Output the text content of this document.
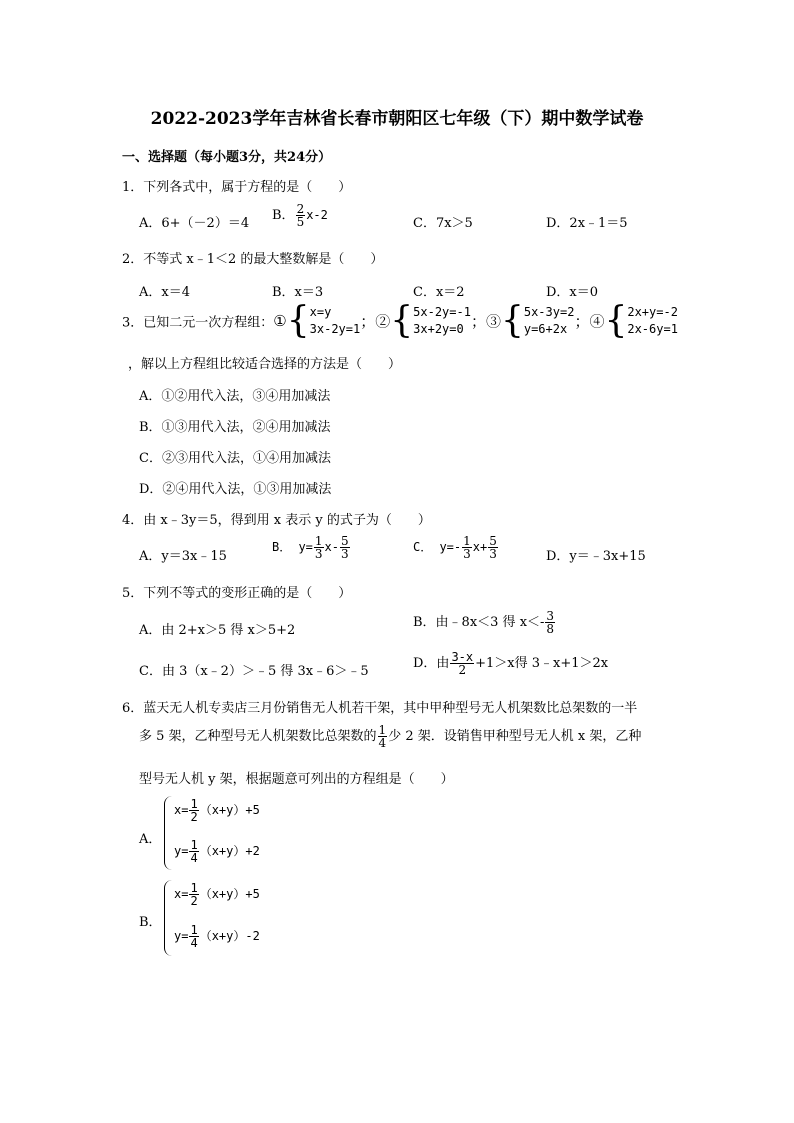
2022-2023学年吉林省长春市朝阳区七年级（下）期中数学试卷
一、选择题（每小题3分，共24分）
1．下列各式中，属于方程的是（　　）
A．6+（－2）＝4
B． $\frac{2}{5} x-2$
C．7x＞5	D．2x﹣1＝5
2．不等式 x﹣1＜2 的最大整数解是（　　）
A．x＝4	B．x＝3	C．x＝2	D．x＝0
3．已知二元一次方程组：①{ x=y
3x-2y=1 ；②{ 5x-2y=-1
3x+2y=0 ；③{ 5x-3y=2
y=6+2x ；④{ 2x+y=-2
2x-6y=1
，解以上方程组比较适合选择的方法是（　　）
A．①②用代入法，③④用加减法
B．①③用代入法，②④用加减法
C．②③用代入法，①④用加减法
D．②④用代入法，①③用加减法
4．由 x﹣3y＝5，得到用 x 表示 y 的式子为（　　）
A．y＝3x﹣15
B． $y= \frac{1}{3} x- \frac{5}{3}$	C． $y=- \frac{1}{3} x+ \frac{5}{3}$	D．y＝﹣3x+15
5．下列不等式的变形正确的是（　　）
A．由 2+x＞5 得 x＞5+2
B．由﹣8x＜3 得 $x<- \frac{3}{8}$
C．由 3（x﹣2）＞﹣5 得 3x﹣6＞﹣5
D．由 $\frac{3-x}{2} +1>x$得 3﹣x+1＞2x
6．蓝天无人机专卖店三月份销售无人机若干架，其中甲种型号无人机架数比总架数的一半
多 5 架，乙种型号无人机架数比总架数的 $\frac{1}{4}$ 少 2 架．设销售甲种型号无人机 x 架，乙种
型号无人机 y 架，根据题意可列出的方程组是（　　）
A．
$x= \frac{1}{2} (x+y)+5$
$y= \frac{1}{4} (x+y)+2$
B．
$x= \frac{1}{2} (x+y)+5$
$y= \frac{1}{4} (x+y)-2$
